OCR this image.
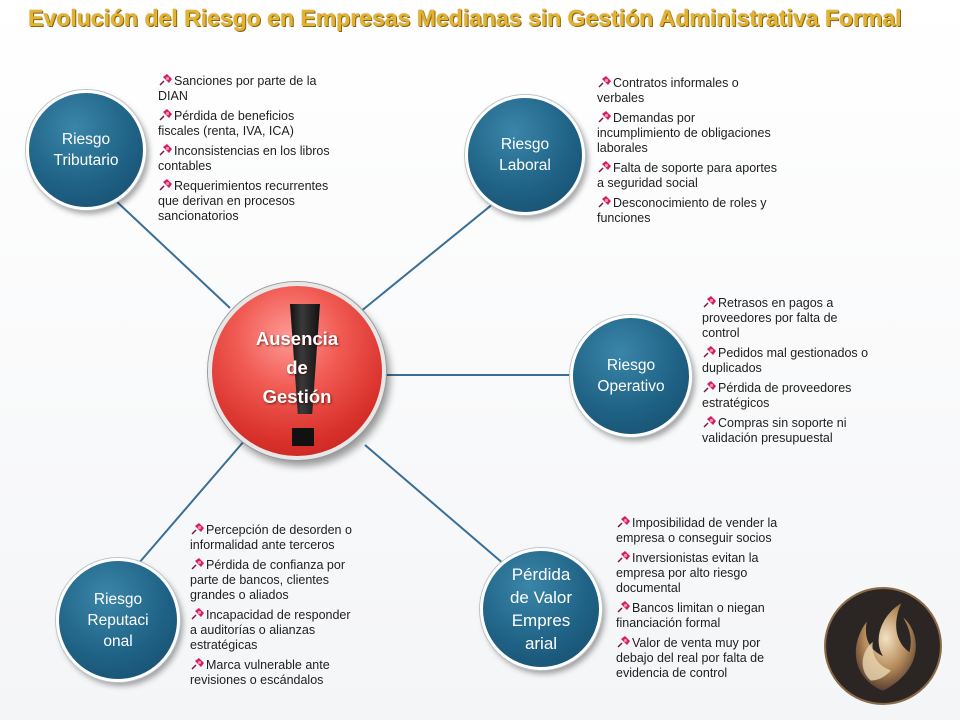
Evolución del Riesgo en Empresas Medianas sin Gestión Administrativa Formal
Riesgo
Tributario
Riesgo
Laboral
Riesgo
Operativo
Riesgo
Reputaci
onal
Pérdida
de Valor
Empres
arial
Ausencia
de
Gestión
Sanciones por parte de la DIAN
Pérdida de beneficios fiscales (renta, IVA, ICA)
Inconsistencias en los libros contables
Requerimientos recurrentes que derivan en procesos sancionatorios
Contratos informales o verbales
Demandas por incumplimiento de obligaciones laborales
Falta de soporte para aportes a seguridad social
Desconocimiento de roles y funciones
Retrasos en pagos a proveedores por falta de control
Pedidos mal gestionados o duplicados
Pérdida de proveedores estratégicos
Compras sin soporte ni validación presupuestal
Percepción de desorden o informalidad ante terceros
Pérdida de confianza por parte de bancos, clientes grandes o aliados
Incapacidad de responder a auditorías o alianzas estratégicas
Marca vulnerable ante revisiones o escándalos
Imposibilidad de vender la empresa o conseguir socios
Inversionistas evitan la empresa por alto riesgo documental
Bancos limitan o niegan financiación formal
Valor de venta muy por debajo del real por falta de evidencia de control
